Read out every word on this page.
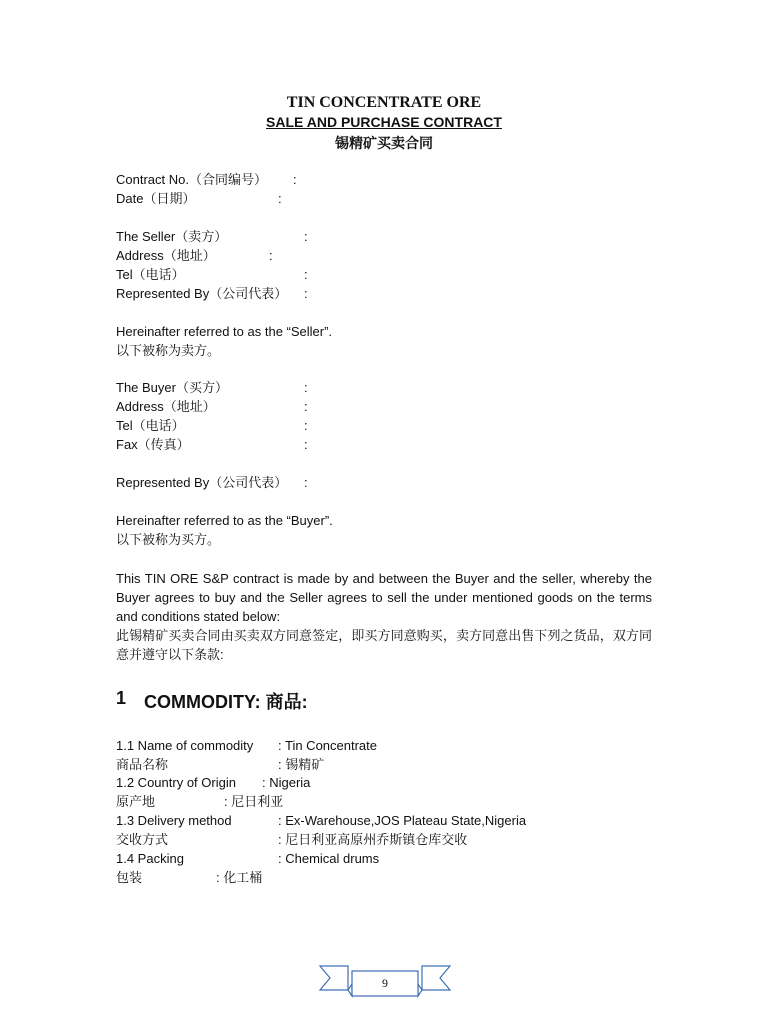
TIN CONCENTRATE ORE
SALE AND PURCHASE CONTRACT
锡精矿买卖合同
Contract No.（合同编号） :
Date（日期）	:
The Seller（卖方）	:
Address（地址）	:
Tel（电话）	:
Represented By（公司代表） :
Hereinafter referred to as the “Seller”.
以下被称为卖方。
The Buyer（买方）	:
Address（地址）	:
Tel（电话）	:
Fax（传真）	:
Represented By（公司代表） :
Hereinafter referred to as the “Buyer”.
以下被称为买方。
This TIN ORE S&P contract is made by and between the Buyer and the seller, whereby the Buyer agrees to buy and the Seller agrees to sell the under mentioned goods on the terms and conditions stated below:
此锡精矿买卖合同由买卖双方同意签定，即买方同意购买，卖方同意出售下列之货品，双方同意并遵守以下条款:
1 COMMODITY: 商品:
1.1 Name of commodity : Tin Concentrate
商品名称	: 锡精矿
1.2 Country of Origin : Nigeria
原产地	: 尼日利亚
1.3 Delivery method	: Ex-Warehouse,JOS Plateau State,Nigeria
交收方式	: 尼日利亚高原州乔斯镇仓库交收
1.4 Packing	: Chemical drums
包装	: 化工桶
9
